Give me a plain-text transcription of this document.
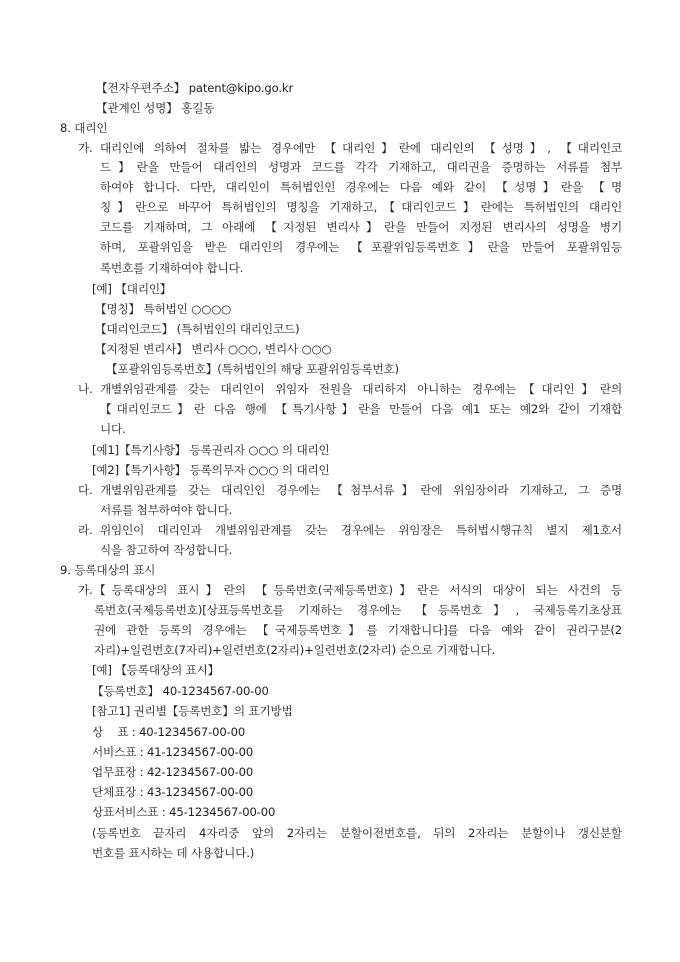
【전자우편주소】 patent@kipo.go.kr
【관계인 성명】 홍길동
8. 대리인
가. 대리인에 의하여 절차를 밟는 경우에만 【대리인】란에 대리인의 【성명】, 【대리인코
드】란을 만들어 대리인의 성명과 코드를 각각 기재하고, 대리권을 증명하는 서류를 첨부
하여야 합니다. 다만, 대리인이 특허법인인 경우에는 다음 예와 같이 【성명】란을 【명
칭】란으로 바꾸어 특허법인의 명칭을 기재하고,【대리인코드】란에는 특허법인의 대리인
코드를 기재하며, 그 아래에 【지정된 변리사】란을 만들어 지정된 변리사의 성명을 병기
하며, 포괄위임을 받은 대리인의 경우에는 【포괄위임등록번호】란을 만들어 포괄위임등
록번호를 기재하여야 합니다.
[예] 【대리인】
【명칭】 특허법인 ○○○○
【대리인코드】 (특허법인의 대리인코드)
【지정된 변리사】 변리사 ○○○, 변리사 ○○○
【포괄위임등록번호】(특허법인의 해당 포괄위임등록번호)
나. 개별위임관계를 갖는 대리인이 위임자 전원을 대리하지 아니하는 경우에는【대리인】란의
【대리인코드】란 다음 행에 【특기사항】란을 만들어 다음 예1 또는 예2와 같이 기재합
니다.
[예1]【특기사항】 등록권리자 ○○○ 의 대리인
[예2]【특기사항】 등록의무자 ○○○ 의 대리인
다. 개별위임관계를 갖는 대리인인 경우에는 【첨부서류】란에 위임장이라 기재하고, 그 증명
서류를 첨부하여야 합니다.
라. 위임인이 대리인과 개별위임관계를 갖는 경우에는 위임장은 특허법시행규칙 별지 제1호서
식을 참고하여 작성합니다.
9. 등록대상의 표시
가. 【등록대상의 표시】란의 【등록번호(국제등록번호)】란은 서식의 대상이 되는 사건의 등
록번호(국제등록번호)[상표등록번호를 기재하는 경우에는 【등록번호】, 국제등록기초상표
권에 관한 등록의 경우에는 【국제등록번호】를 기재합니다]를 다음 예와 같이 권리구분(2
자리)+일련번호(7자리)+일련번호(2자리)+일련번호(2자리) 순으로 기재합니다.
[예] 【등록대상의 표시】
【등록번호】 40-1234567-00-00
[참고1] 권리별【등록번호】의 표기방법
상    표 : 40-1234567-00-00
서비스표 : 41-1234567-00-00
업무표장 : 42-1234567-00-00
단체표장 : 43-1234567-00-00
상표서비스표 : 45-1234567-00-00
(등록번호 끝자리 4자리중 앞의 2자리는 분할이전번호를, 뒤의 2자리는 분할이나 갱신분할
번호를 표시하는 데 사용합니다.)
